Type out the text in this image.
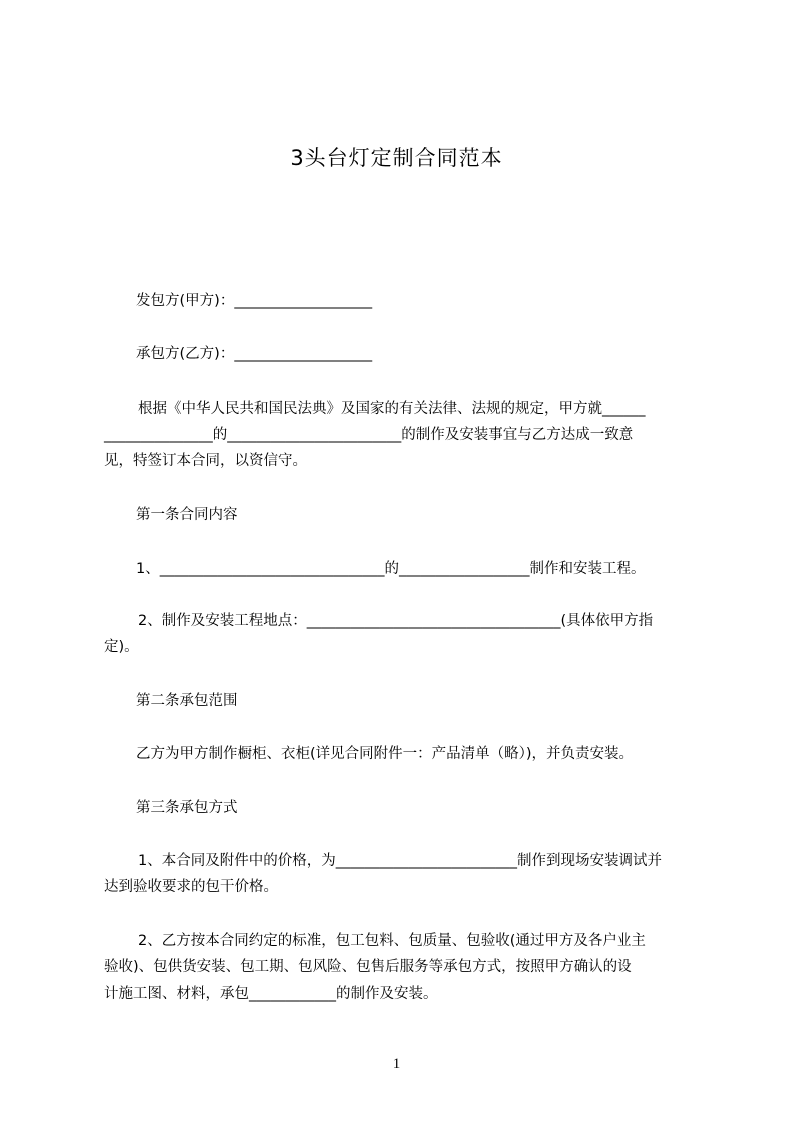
3头台灯定制合同范本
发包方(甲方)：___________________
承包方(乙方)：___________________
根据《中华人民共和国民法典》及国家的有关法律、法规的规定，甲方就______
_______________的________________________的制作及安装事宜与乙方达成一致意
见，特签订本合同，以资信守。
第一条合同内容
1、_______________________________的__________________制作和安装工程。
2、制作及安装工程地点：___________________________________(具体依甲方指
定)。
第二条承包范围
乙方为甲方制作橱柜、衣柜(详见合同附件一：产品清单（略）)，并负责安装。
第三条承包方式
1、本合同及附件中的价格，为_________________________制作到现场安装调试并
达到验收要求的包干价格。
2、乙方按本合同约定的标准，包工包料、包质量、包验收(通过甲方及各户业主
验收)、包供货安装、包工期、包风险、包售后服务等承包方式，按照甲方确认的设
计施工图、材料，承包____________的制作及安装。
1
